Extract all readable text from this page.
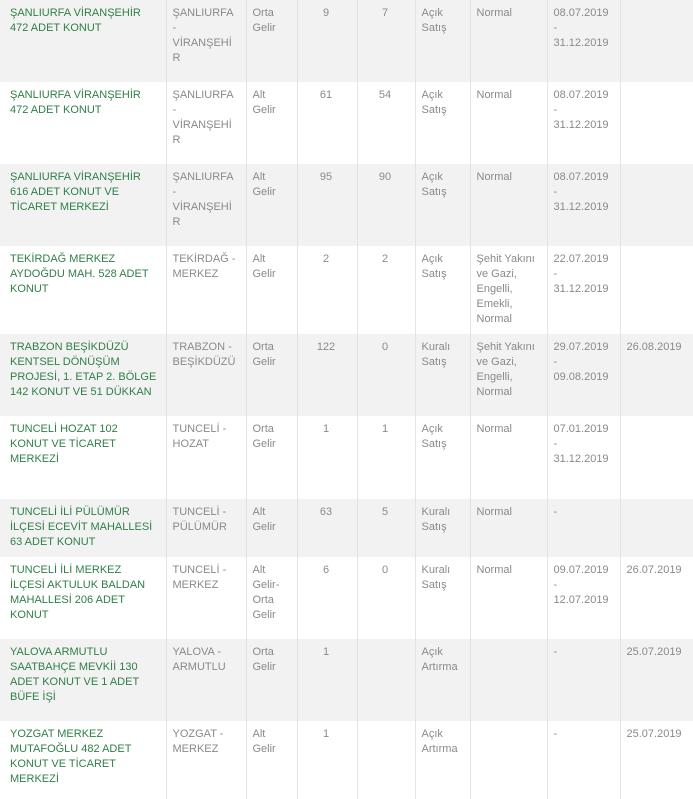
ŞANLIURFA VİRANŞEHİR 472 ADET KONUT	ŞANLIURFA - VİRANŞEHİR	Orta Gelir	9	7	Açık Satış	Normal	08.07.2019 - 31.12.2019	
ŞANLIURFA VİRANŞEHİR 472 ADET KONUT	ŞANLIURFA - VİRANŞEHİR	Alt Gelir	61	54	Açık Satış	Normal	08.07.2019 - 31.12.2019	
ŞANLIURFA VİRANŞEHİR 616 ADET KONUT VE TİCARET MERKEZİ	ŞANLIURFA - VİRANŞEHİR	Alt Gelir	95	90	Açık Satış	Normal	08.07.2019 - 31.12.2019	
TEKİRDAĞ MERKEZ AYDOĞDU MAH. 528 ADET KONUT	TEKİRDAĞ - MERKEZ	Alt Gelir	2	2	Açık Satış	Şehit Yakını ve Gazi, Engelli, Emekli, Normal	22.07.2019 - 31.12.2019	
TRABZON BEŞİKDÜZÜ KENTSEL DÖNÜŞÜM PROJESİ, 1. ETAP 2. BÖLGE 142 KONUT VE 51 DÜKKAN	TRABZON - BEŞİKDÜZÜ	Orta Gelir	122	0	Kuralı Satış	Şehit Yakını ve Gazi, Engelli, Normal	29.07.2019 - 09.08.2019	26.08.2019
TUNCELİ HOZAT 102 KONUT VE TİCARET MERKEZİ	TUNCELİ - HOZAT	Orta Gelir	1	1	Açık Satış	Normal	07.01.2019 - 31.12.2019	
TUNCELİ İLİ PÜLÜMÜR İLÇESİ ECEVİT MAHALLESİ 63 ADET KONUT	TUNCELİ - PÜLÜMÜR	Alt Gelir	63	5	Kuralı Satış	Normal	-	
TUNCELİ İLİ MERKEZ İLÇESİ AKTULUK BALDAN MAHALLESİ 206 ADET KONUT	TUNCELİ - MERKEZ	Alt Gelir-Orta Gelir	6	0	Kuralı Satış	Normal	09.07.2019 - 12.07.2019	26.07.2019
YALOVA ARMUTLU SAATBAHÇE MEVKİİ 130 ADET KONUT VE 1 ADET BÜFE İŞİ	YALOVA - ARMUTLU	Orta Gelir	1		Açık Artırma		-	25.07.2019
YOZGAT MERKEZ MUTAFOĞLU 482 ADET KONUT VE TİCARET MERKEZİ	YOZGAT - MERKEZ	Alt Gelir	1		Açık Artırma		-	25.07.2019
